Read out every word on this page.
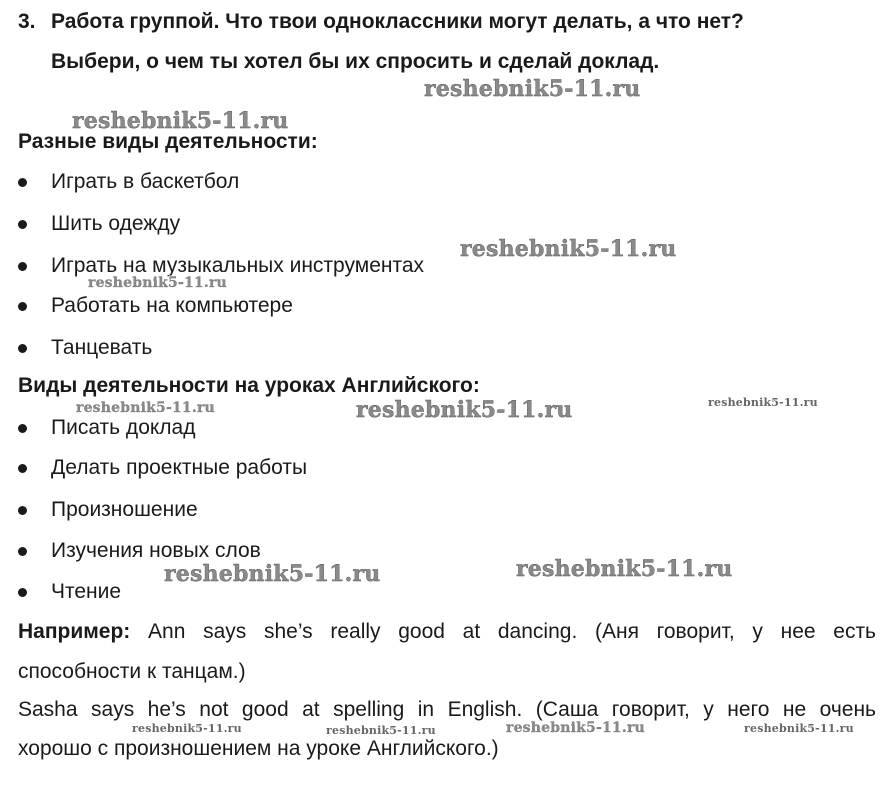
3. Работа группой. Что твои одноклассники могут делать, а что нет?
Выбери, о чем ты хотел бы их спросить и сделай доклад.
Разные виды деятельности:
Играть в баскетбол
Шить одежду
Играть на музыкальных инструментах
Работать на компьютере
Танцевать
Виды деятельности на уроках Английского:
Писать доклад
Делать проектные работы
Произношение
Изучения новых слов
Чтение
Например: Ann says she’s really good at dancing. (Аня говорит, у нее есть
способности к танцам.)
Sasha says he’s not good at spelling in English. (Саша говорит, у него не очень
хорошо с произношением на уроке Английского.)
reshebnik5-11.ru
reshebnik5-11.ru
reshebnik5-11.ru
reshebnik5-11.ru
reshebnik5-11.ru
reshebnik5-11.ru	reshebnik5-11.ru
reshebnik5-11.ru	reshebnik5-11.ru
reshebnik5-11.ru	reshebnik5-11.ru	reshebnik5-11.ru	reshebnik5-11.ru
